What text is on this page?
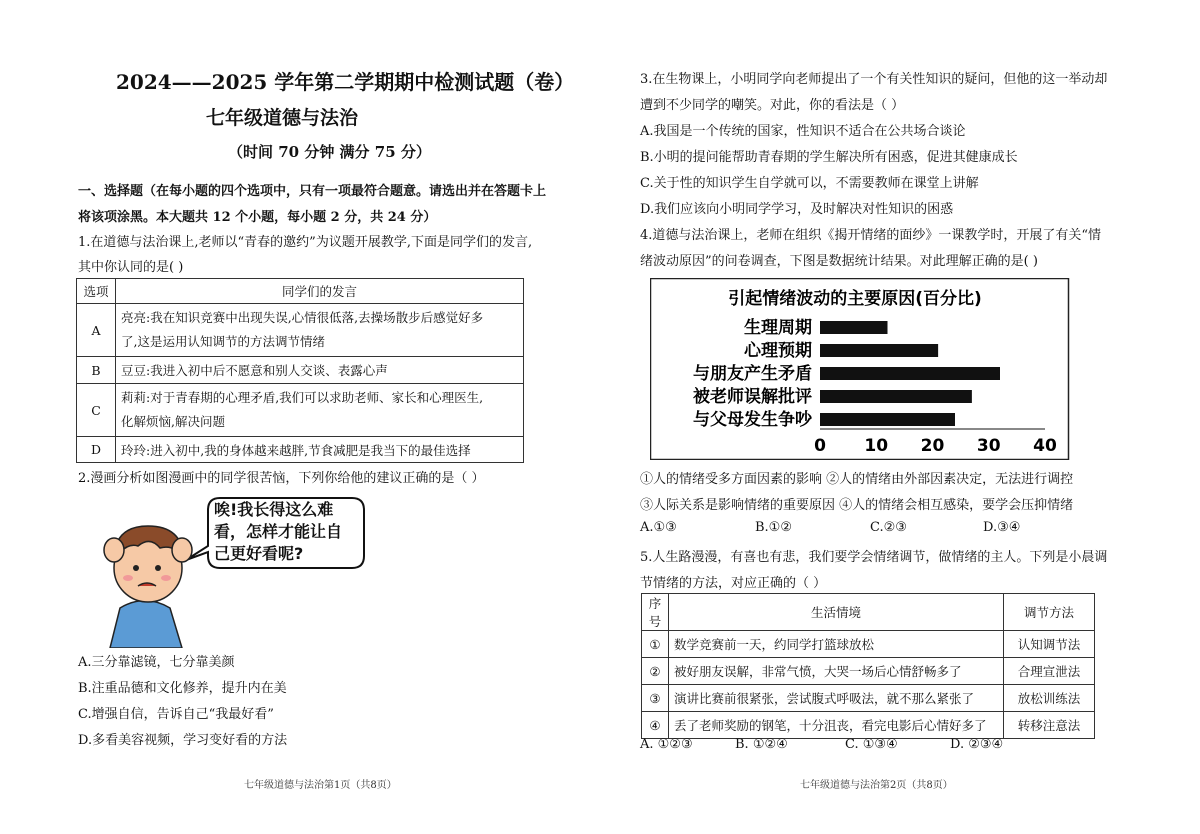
2024——2025 学年第二学期期中检测试题（卷）
七年级道德与法治
（时间 70 分钟 满分 75 分）
一、选择题（在每小题的四个选项中，只有一项最符合题意。请选出并在答题卡上
将该项涂黑。本大题共 12 个小题，每小题 2 分，共 24 分）
1.在道德与法治课上,老师以“青春的邀约”为议题开展教学,下面是同学们的发言,
其中你认同的是( )
选项	同学们的发言
A	亮亮:我在知识竞赛中出现失误,心情很低落,去操场散步后感觉好多
了,这是运用认知调节的方法调节情绪

B	豆豆:我进入初中后不愿意和别人交谈、表露心声
C	莉莉:对于青春期的心理矛盾,我们可以求助老师、家长和心理医生,
化解烦恼,解决问题

D	玲玲:进入初中,我的身体越来越胖,节食减肥是我当下的最佳选择
2.漫画分析如图漫画中的同学很苦恼，下列你给他的建议正确的是（ ）
唉!我长得这么难
看，怎样才能让自
己更好看呢?
A.三分靠滤镜，七分靠美颜
B.注重品德和文化修养，提升内在美
C.增强自信，告诉自己“我最好看”
D.多看美容视频，学习变好看的方法
七年级道德与法治第1页（共8页）
3.在生物课上，小明同学向老师提出了一个有关性知识的疑问，但他的这一举动却
遭到不少同学的嘲笑。对此，你的看法是（ ）
A.我国是一个传统的国家，性知识不适合在公共场合谈论
B.小明的提问能帮助青春期的学生解决所有困惑，促进其健康成长
C.关于性的知识学生自学就可以，不需要教师在课堂上讲解
D.我们应该向小明同学学习，及时解决对性知识的困惑
4.道德与法治课上，老师在组织《揭开情绪的面纱》一课教学时，开展了有关“情
绪波动原因”的问卷调查，下图是数据统计结果。对此理解正确的是( )
引起情绪波动的主要原因(百分比)
生理周期
心理预期
与朋友产生矛盾
被老师误解批评
与父母发生争吵
0 10 20 30 40
①人的情绪受多方面因素的影响 ②人的情绪由外部因素决定，无法进行调控
③人际关系是影响情绪的重要原因 ④人的情绪会相互感染，要学会压抑情绪
A.①③	B.①②	C.②③	D.③④
5.人生路漫漫，有喜也有悲，我们要学会情绪调节，做情绪的主人。下列是小晨调
节情绪的方法，对应正确的（ ）
序号	生活情境	调节方法
①	数学竞赛前一天，约同学打篮球放松	认知调节法
②	被好朋友误解，非常气愤，大哭一场后心情舒畅多了	合理宣泄法
③	演讲比赛前很紧张，尝试腹式呼吸法，就不那么紧张了	放松训练法
④	丢了老师奖励的钢笔，十分沮丧，看完电影后心情好多了	转移注意法
A. ①②③	B. ①②④	C. ①③④	D. ②③④
七年级道德与法治第2页（共8页）
